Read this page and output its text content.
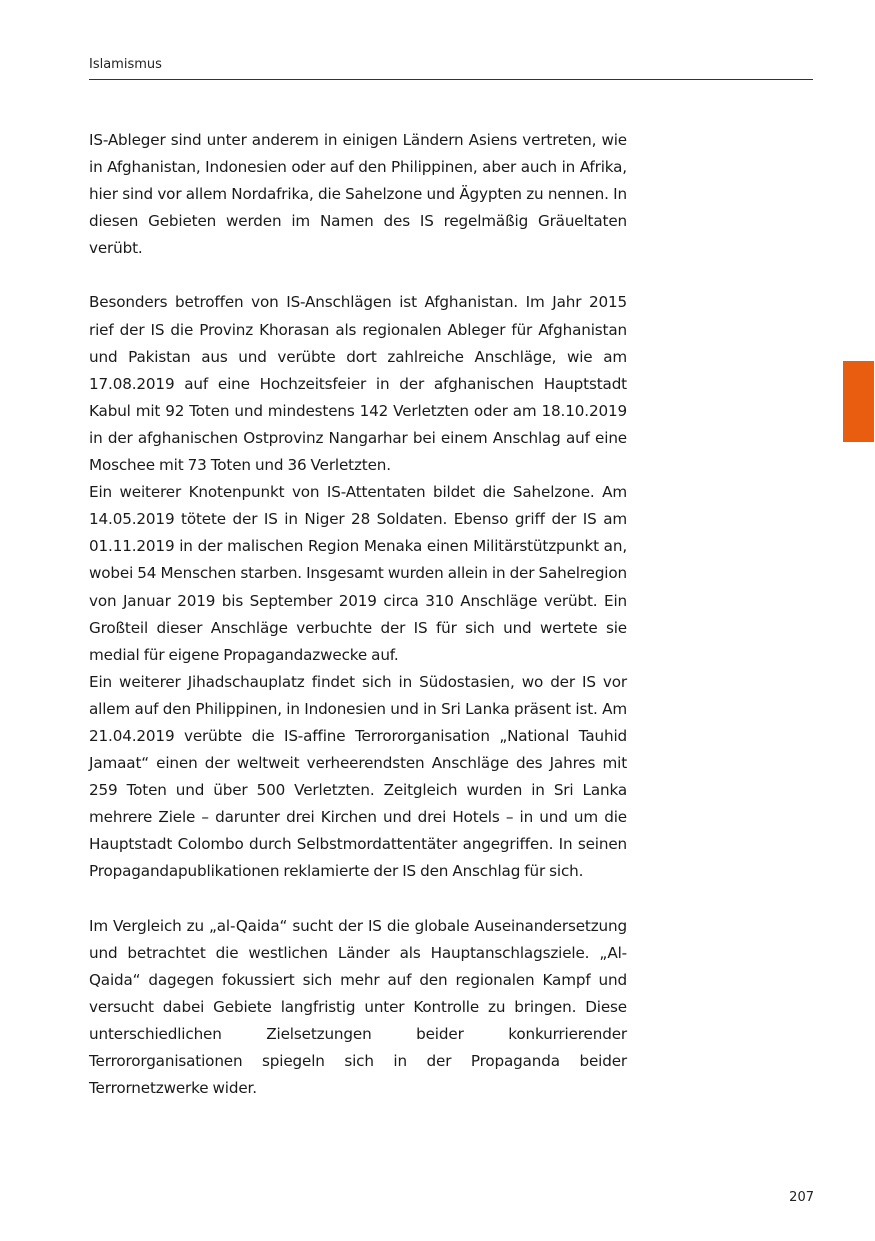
Islamismus

IS-Ableger sind unter anderem in einigen Ländern Asiens vertreten, wie in Afghanistan, Indonesien oder auf den Philippinen, aber auch in Afrika, hier sind vor allem Nordafrika, die Sahelzone und Ägypten zu nennen. In diesen Gebieten werden im Namen des IS regelmäßig Gräueltaten verübt.

Besonders betroffen von IS-Anschlägen ist Afghanistan. Im Jahr 2015 rief der IS die Provinz Khorasan als regionalen Ableger für Afghanistan und Pakistan aus und verübte dort zahlreiche Anschläge, wie am 17.08.2019 auf eine Hochzeitsfeier in der afghanischen Hauptstadt Kabul mit 92 Toten und mindestens 142 Verletzten oder am 18.10.2019 in der afghanischen Ostprovinz Nangarhar bei einem Anschlag auf eine Moschee mit 73 Toten und 36 Verletzten.

Ein weiterer Knotenpunkt von IS-Attentaten bildet die Sahelzone. Am 14.05.2019 tötete der IS in Niger 28 Soldaten. Ebenso griff der IS am 01.11.2019 in der malischen Region Menaka einen Militärstützpunkt an, wobei 54 Menschen starben. Insgesamt wurden allein in der Sahelregion von Januar 2019 bis September 2019 circa 310 Anschläge verübt. Ein Großteil dieser Anschläge verbuchte der IS für sich und wertete sie medial für eigene Propagandazwecke auf.

Ein weiterer Jihadschauplatz findet sich in Südostasien, wo der IS vor allem auf den Philippinen, in Indonesien und in Sri Lanka präsent ist. Am 21.04.2019 verübte die IS-affine Terrororganisation „National Tauhid Jamaat“ einen der weltweit verheerendsten Anschläge des Jahres mit 259 Toten und über 500 Verletzten. Zeitgleich wurden in Sri Lanka mehrere Ziele – darunter drei Kirchen und drei Hotels – in und um die Hauptstadt Colombo durch Selbstmordattentäter angegriffen. In seinen Propagandapublikationen reklamierte der IS den Anschlag für sich.

Im Vergleich zu „al-Qaida“ sucht der IS die globale Auseinandersetzung und betrachtet die westlichen Länder als Hauptanschlagsziele. „Al-Qaida“ dagegen fokussiert sich mehr auf den regionalen Kampf und versucht dabei Gebiete langfristig unter Kontrolle zu bringen. Diese unterschiedlichen Zielsetzungen beider konkurrierender Terrororganisationen spiegeln sich in der Propaganda beider Terrornetzwerke wider.

207
